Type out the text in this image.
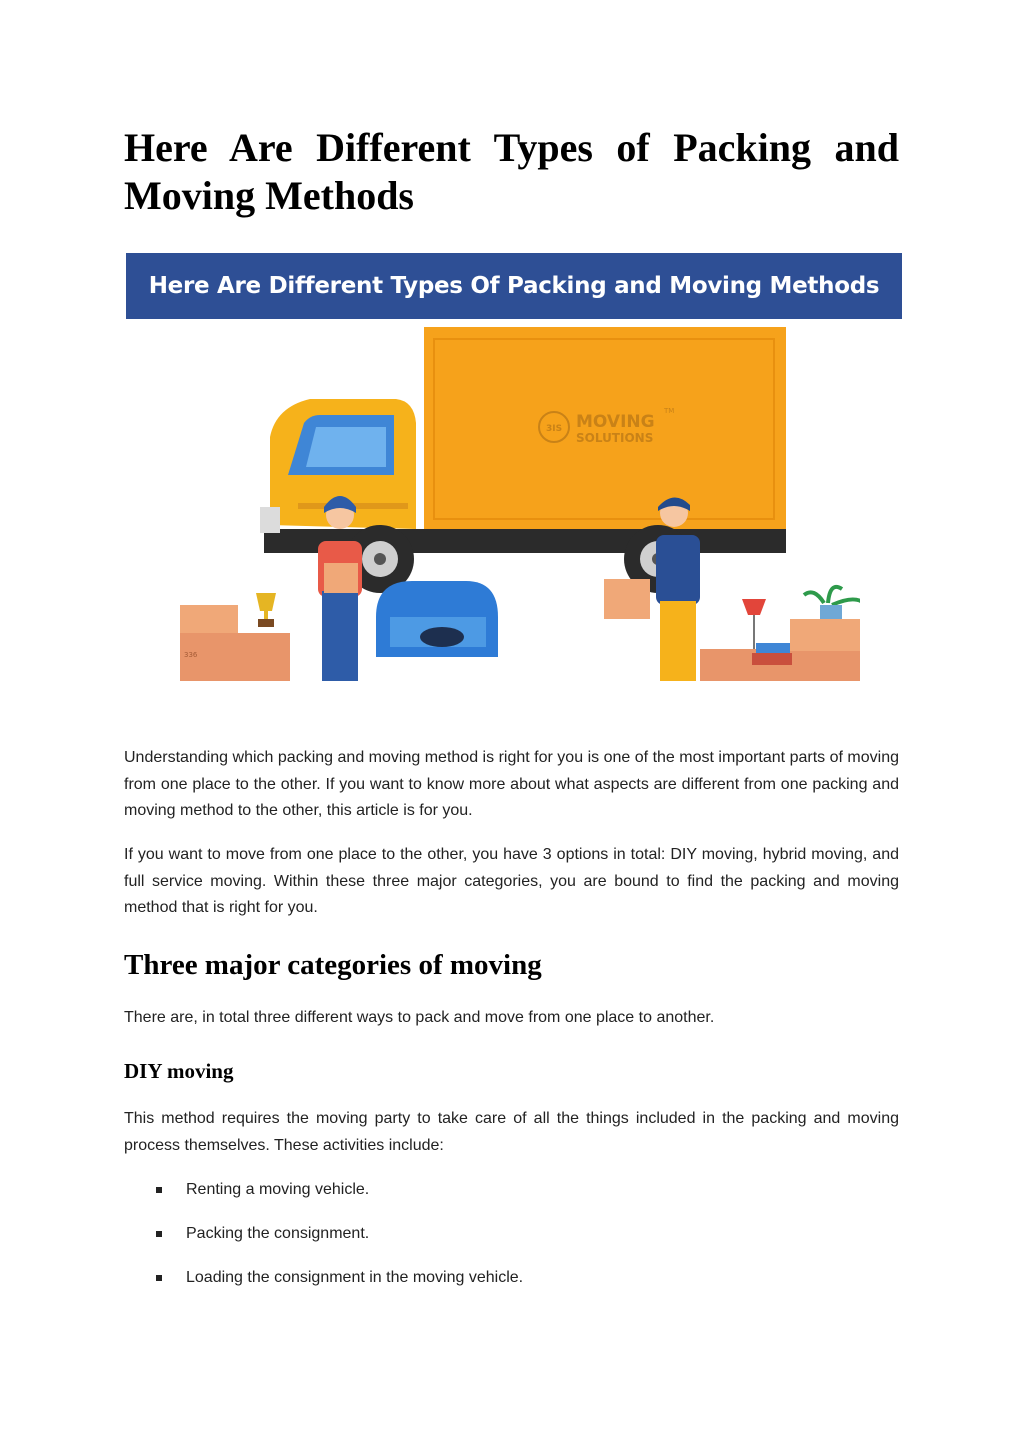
Here Are Different Types of Packing and Moving Methods
Here Are Different Types Of Packing and Moving Methods
3IS MOVING
TM
SOLUTIONS
336

Understanding which packing and moving method is right for you is one of the most important parts of moving from one place to the other. If you want to know more about what aspects are different from one packing and moving method to the other, this article is for you.

If you want to move from one place to the other, you have 3 options in total: DIY moving, hybrid moving, and full service moving. Within these three major categories, you are bound to find the packing and moving method that is right for you.

Three major categories of moving

There are, in total three different ways to pack and move from one place to another.

DIY moving

This method requires the moving party to take care of all the things included in the packing and moving process themselves. These activities include:

Renting a moving vehicle.
Packing the consignment.
Loading the consignment in the moving vehicle.
